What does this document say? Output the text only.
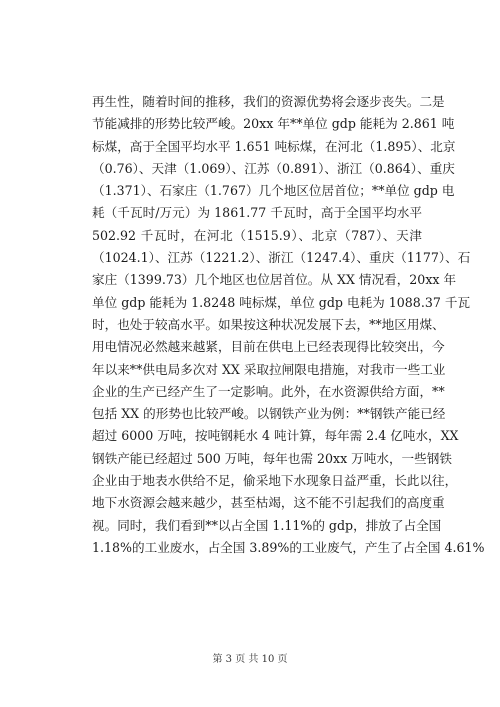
再生性，随着时间的推移，我们的资源优势将会逐步丧失。二是
节能减排的形势比较严峻。20xx 年**单位 gdp 能耗为 2.861 吨
标煤，高于全国平均水平 1.651 吨标煤，在河北（1.895）、北京
（0.76）、天津（1.069）、江苏（0.891）、浙江（0.864）、重庆
（1.371）、石家庄（1.767）几个地区位居首位；**单位 gdp 电
耗（千瓦时/万元）为 1861.77 千瓦时，高于全国平均水平
502.92 千瓦时，在河北（1515.9）、北京（787）、天津
（1024.1）、江苏（1221.2）、浙江（1247.4）、重庆（1177）、石
家庄（1399.73）几个地区也位居首位。从 XX 情况看，20xx 年
单位 gdp 能耗为 1.8248 吨标煤，单位 gdp 电耗为 1088.37 千瓦
时，也处于较高水平。如果按这种状况发展下去，**地区用煤、
用电情况必然越来越紧，目前在供电上已经表现得比较突出，今
年以来**供电局多次对 XX 采取拉闸限电措施，对我市一些工业
企业的生产已经产生了一定影响。此外，在水资源供给方面，**
包括 XX 的形势也比较严峻。以钢铁产业为例：**钢铁产能已经
超过 6000 万吨，按吨钢耗水 4 吨计算，每年需 2.4 亿吨水，XX
钢铁产能已经超过 500 万吨，每年也需 20xx 万吨水，一些钢铁
企业由于地表水供给不足，偷采地下水现象日益严重，长此以往，
地下水资源会越来越少，甚至枯竭，这不能不引起我们的高度重
视。同时，我们看到**以占全国 1.11%的 gdp，排放了占全国
1.18%的工业废水，占全国 3.89%的工业废气，产生了占全国 4.61%
第 3 页 共 10 页
